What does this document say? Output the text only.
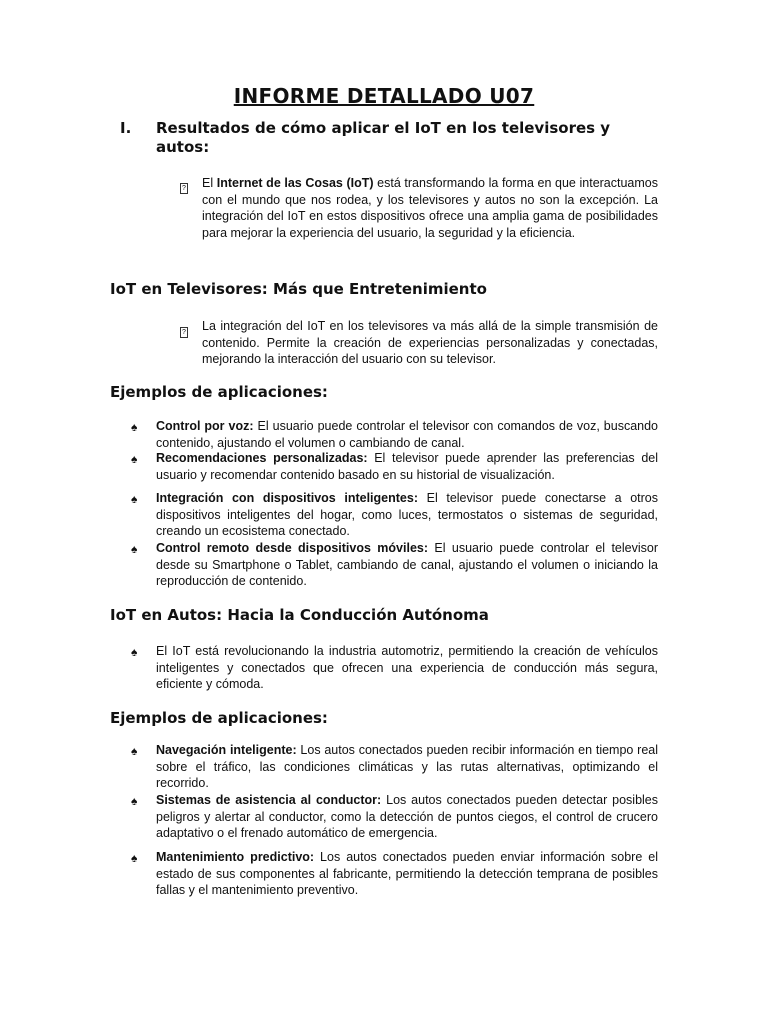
INFORME DETALLADO U07
I. Resultados de cómo aplicar el IoT en los televisores y autos:
? El Internet de las Cosas (IoT) está transformando la forma en que interactuamos con el mundo que nos rodea, y los televisores y autos no son la excepción. La integración del IoT en estos dispositivos ofrece una amplia gama de posibilidades para mejorar la experiencia del usuario, la seguridad y la eficiencia.
IoT en Televisores: Más que Entretenimiento
? La integración del IoT en los televisores va más allá de la simple transmisión de contenido. Permite la creación de experiencias personalizadas y conectadas, mejorando la interacción del usuario con su televisor.
Ejemplos de aplicaciones:
♠ Control por voz: El usuario puede controlar el televisor con comandos de voz, buscando contenido, ajustando el volumen o cambiando de canal.
♠ Recomendaciones personalizadas: El televisor puede aprender las preferencias del usuario y recomendar contenido basado en su historial de visualización.
♠ Integración con dispositivos inteligentes: El televisor puede conectarse a otros dispositivos inteligentes del hogar, como luces, termostatos o sistemas de seguridad, creando un ecosistema conectado.
♠ Control remoto desde dispositivos móviles: El usuario puede controlar el televisor desde su Smartphone o Tablet, cambiando de canal, ajustando el volumen o iniciando la reproducción de contenido.
IoT en Autos: Hacia la Conducción Autónoma
♠ El IoT está revolucionando la industria automotriz, permitiendo la creación de vehículos inteligentes y conectados que ofrecen una experiencia de conducción más segura, eficiente y cómoda.
Ejemplos de aplicaciones:
♠ Navegación inteligente: Los autos conectados pueden recibir información en tiempo real sobre el tráfico, las condiciones climáticas y las rutas alternativas, optimizando el recorrido.
♠ Sistemas de asistencia al conductor: Los autos conectados pueden detectar posibles peligros y alertar al conductor, como la detección de puntos ciegos, el control de crucero adaptativo o el frenado automático de emergencia.
♠ Mantenimiento predictivo: Los autos conectados pueden enviar información sobre el estado de sus componentes al fabricante, permitiendo la detección temprana de posibles fallas y el mantenimiento preventivo.
